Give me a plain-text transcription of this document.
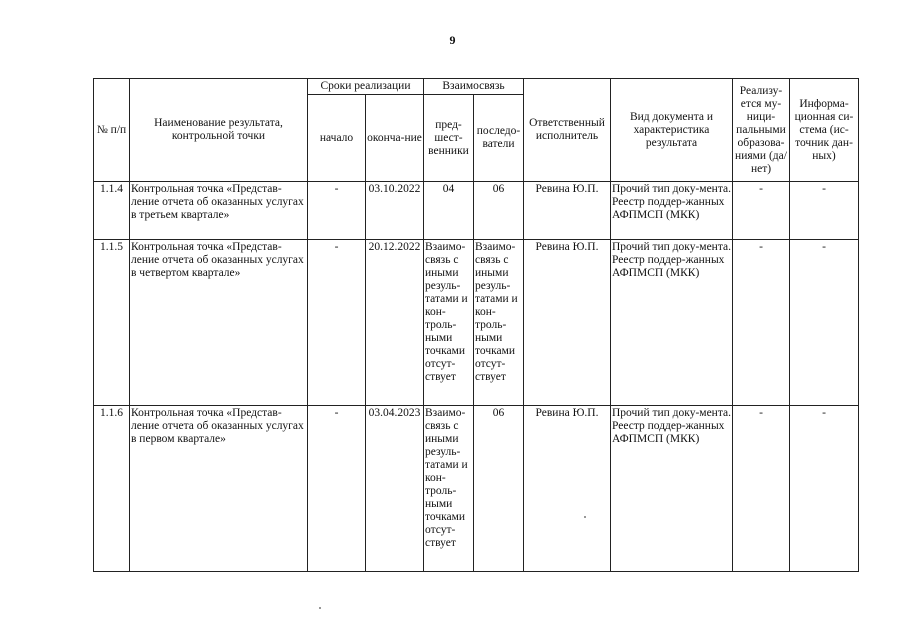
9
№ п/п	Наименование результата, контрольной точки	Сроки реализации		Взаимосвязь		Ответственный исполнитель	Вид документа и характеристика результата	Реализу-ется му-ници-пальными образова-ниями (да/нет)	Информа-ционная си-стема (ис-точник дан-ных)
		начало	оконча-ние	пред-шест-венники	последо-ватели				
1.1.4	Контрольная точка «Представ-ление отчета об оказанных услугах в третьем квартале»	-	03.10.2022	04	06	Ревина Ю.П.	Прочий тип доку-мента. Реестр поддер-жанных АФПМСП (МКК)	-	-
1.1.5	Контрольная точка «Представ-ление отчета об оказанных услугах в четвертом квартале»	-	20.12.2022	Взаимо-связь с иными резуль-татами и кон-троль-ными точками отсут-ствует	Взаимо-связь с иными резуль-татами и кон-троль-ными точками отсут-ствует	Ревина Ю.П.	Прочий тип доку-мента. Реестр поддер-жанных АФПМСП (МКК)	-	-
1.1.6	Контрольная точка «Представ-ление отчета об оказанных услугах в первом квартале»	-	03.04.2023	Взаимо-связь с иными резуль-татами и кон-троль-ными точками отсут-ствует	06	Ревина Ю.П.	Прочий тип доку-мента. Реестр поддер-жанных АФПМСП (МКК)	-	-
